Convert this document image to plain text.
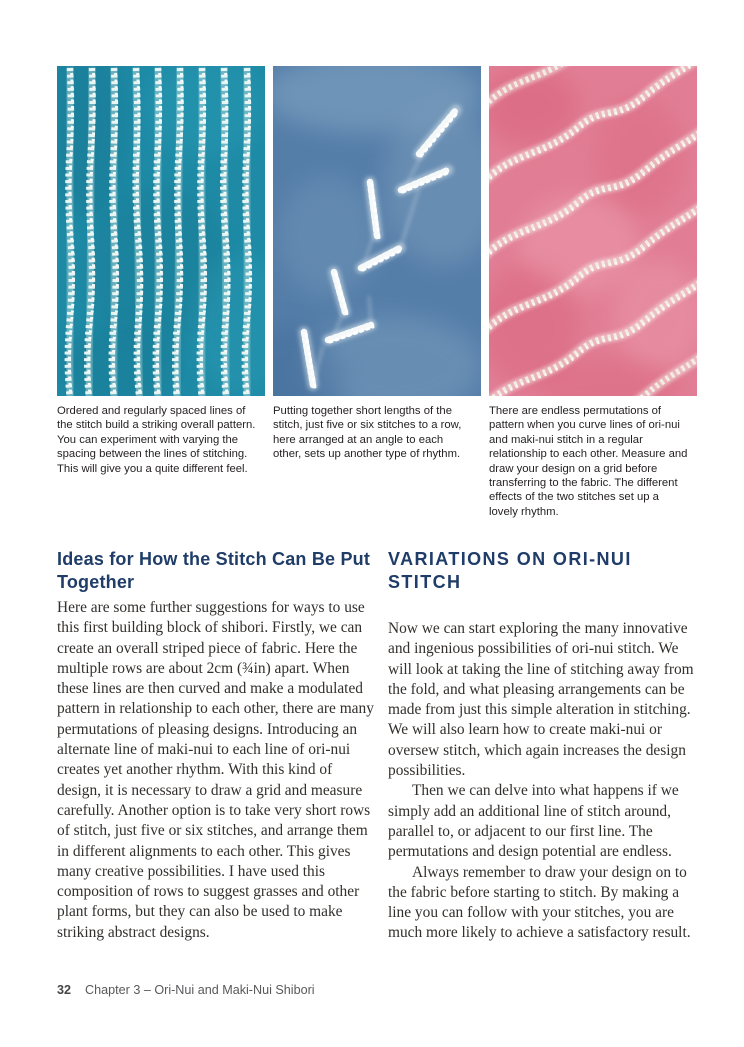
Ordered and regularly spaced lines of the stitch build a striking overall pattern. You can experiment with varying the spacing between the lines of stitching. This will give you a quite different feel.
Putting together short lengths of the stitch, just five or six stitches to a row, here arranged at an angle to each other, sets up another type of rhythm.
There are endless permutations of pattern when you curve lines of ori-nui and maki-nui stitch in a regular relationship to each other. Measure and draw your design on a grid before transferring to the fabric. The different effects of the two stitches set up a lovely rhythm.
Ideas for How the Stitch Can Be Put Together

Here are some further suggestions for ways to use this first building block of shibori. Firstly, we can create an overall striped piece of fabric. Here the multiple rows are about 2cm (¾in) apart. When these lines are then curved and make a modulated pattern in relationship to each other, there are many permutations of pleasing designs. Introducing an alternate line of maki-nui to each line of ori-nui creates yet another rhythm. With this kind of design, it is necessary to draw a grid and measure carefully. Another option is to take very short rows of stitch, just five or six stitches, and arrange them in different alignments to each other. This gives many creative possibilities. I have used this composition of rows to suggest grasses and other plant forms, but they can also be used to make striking abstract designs.

VARIATIONS ON ORI-NUI STITCH

Now we can start exploring the many innovative and ingenious possibilities of ori-nui stitch. We will look at taking the line of stitching away from the fold, and what pleasing arrangements can be made from just this simple alteration in stitching. We will also learn how to create maki-nui or oversew stitch, which again increases the design possibilities.

Then we can delve into what happens if we simply add an additional line of stitch around, parallel to, or adjacent to our first line. The permutations and design potential are endless.

Always remember to draw your design on to the fabric before starting to stitch. By making a line you can follow with your stitches, you are much more likely to achieve a satisfactory result.

32 Chapter 3 – Ori-Nui and Maki-Nui Shibori
